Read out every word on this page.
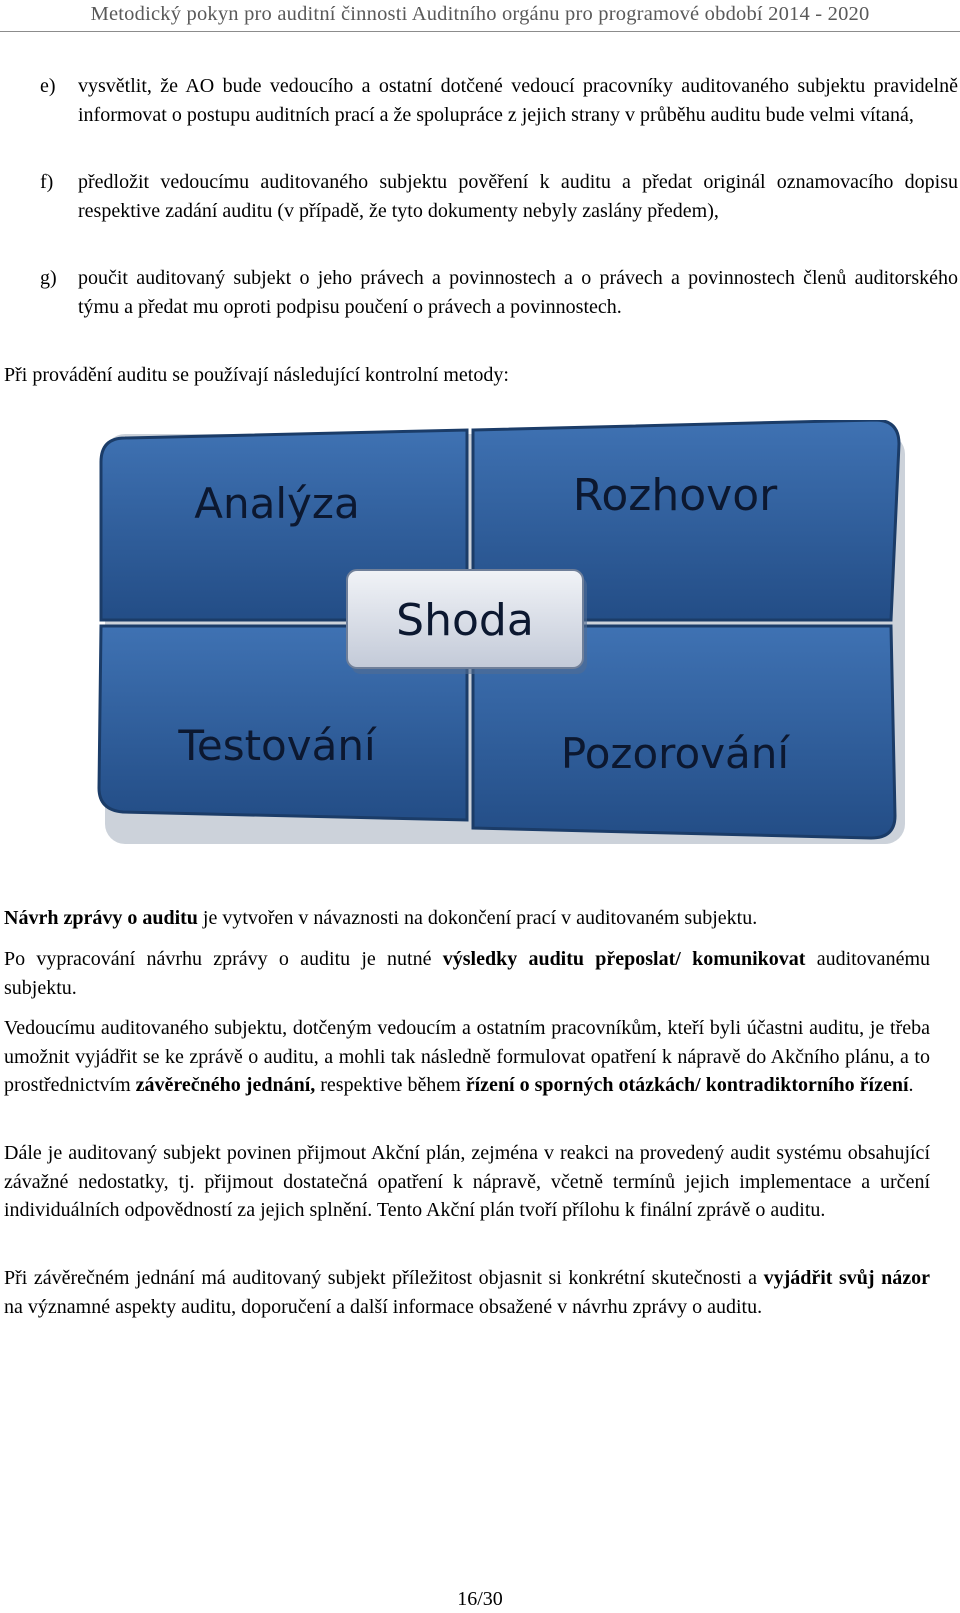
Metodický pokyn pro auditní činnosti Auditního orgánu pro programové období 2014 - 2020
e) vysvětlit, že AO bude vedoucího a ostatní dotčené vedoucí pracovníky auditovaného subjektu pravidelně informovat o postupu auditních prací a že spolupráce z jejich strany v průběhu auditu bude velmi vítaná,
f) předložit vedoucímu auditovaného subjektu pověření k auditu a předat originál oznamovacího dopisu respektive zadání auditu (v případě, že tyto dokumenty nebyly zaslány předem),
g) poučit auditovaný subjekt o jeho právech a povinnostech a o právech a povinnostech členů auditorského týmu a předat mu oproti podpisu poučení o právech a povinnostech.

Při provádění auditu se používají následující kontrolní metody:

Analýza	Rozhovor
Testování	Pozorování
Shoda

Návrh zprávy o auditu je vytvořen v návaznosti na dokončení prací v auditovaném subjektu.

Po vypracování návrhu zprávy o auditu je nutné výsledky auditu přeposlat/ komunikovat auditovanému subjektu.

Vedoucímu auditovaného subjektu, dotčeným vedoucím a ostatním pracovníkům, kteří byli účastni auditu, je třeba umožnit vyjádřit se ke zprávě o auditu, a mohli tak následně formulovat opatření k nápravě do Akčního plánu, a to prostřednictvím závěrečného jednání, respektive během řízení o sporných otázkách/ kontradiktorního řízení.

Dále je auditovaný subjekt povinen přijmout Akční plán, zejména v reakci na provedený audit systému obsahující závažné nedostatky, tj. přijmout dostatečná opatření k nápravě, včetně termínů jejich implementace a určení individuálních odpovědností za jejich splnění. Tento Akční plán tvoří přílohu k finální zprávě o auditu.

Při závěrečném jednání má auditovaný subjekt příležitost objasnit si konkrétní skutečnosti a vyjádřit svůj názor na významné aspekty auditu, doporučení a další informace obsažené v návrhu zprávy o auditu.

16/30
